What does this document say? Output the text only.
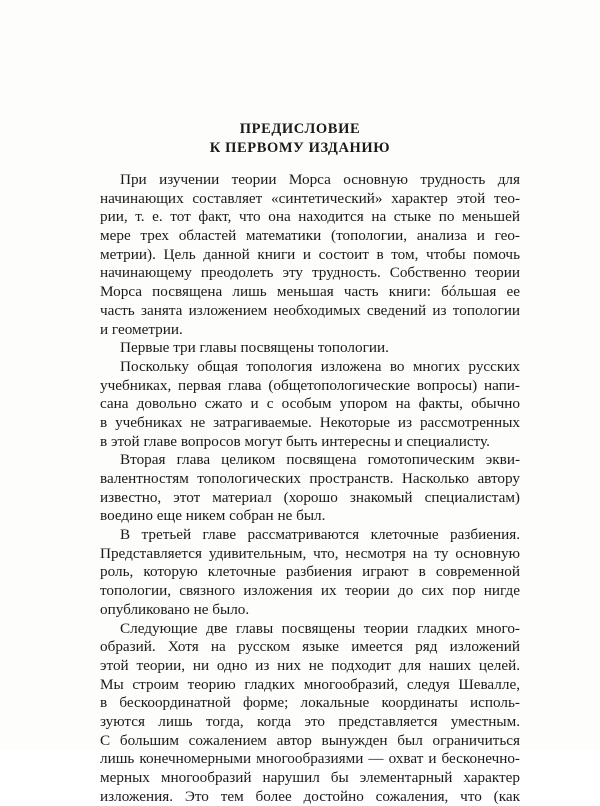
ПРЕДИСЛОВИЕ
К ПЕРВОМУ ИЗДАНИЮ
При изучении теории Морса основную трудность для
начинающих составляет «синтетический» характер этой тео-
рии, т. е. тот факт, что она находится на стыке по меньшей
мере трех областей математики (топологии, анализа и гео-
метрии). Цель данной книги и состоит в том, чтобы помочь
начинающему преодолеть эту трудность. Собственно теории
Морса посвящена лишь меньшая часть книги: бóльшая ее
часть занята изложением необходимых сведений из топологии
и геометрии.
Первые три главы посвящены топологии.
Поскольку общая топология изложена во многих русских
учебниках, первая глава (общетопологические вопросы) напи-
сана довольно сжато и с особым упором на факты, обычно
в учебниках не затрагиваемые. Некоторые из рассмотренных
в этой главе вопросов могут быть интересны и специалисту.
Вторая глава целиком посвящена гомотопическим экви-
валентностям топологических пространств. Насколько автору
известно, этот материал (хорошо знакомый специалистам)
воедино еще никем собран не был.
В третьей главе рассматриваются клеточные разбиения.
Представляется удивительным, что, несмотря на ту основную
роль, которую клеточные разбиения играют в современной
топологии, связного изложения их теории до сих пор нигде
опубликовано не было.
Следующие две главы посвящены теории гладких много-
образий. Хотя на русском языке имеется ряд изложений
этой теории, ни одно из них не подходит для наших целей.
Мы строим теорию гладких многообразий, следуя Шевалле,
в бескоординатной форме; локальные координаты исполь-
зуются лишь тогда, когда это представляется уместным.
С большим сожалением автор вынужден был ограничиться
лишь конечномерными многообразиями — охват и бесконечно-
мерных многообразий нарушил бы элементарный характер
изложения. Это тем более достойно сожаления, что (как
